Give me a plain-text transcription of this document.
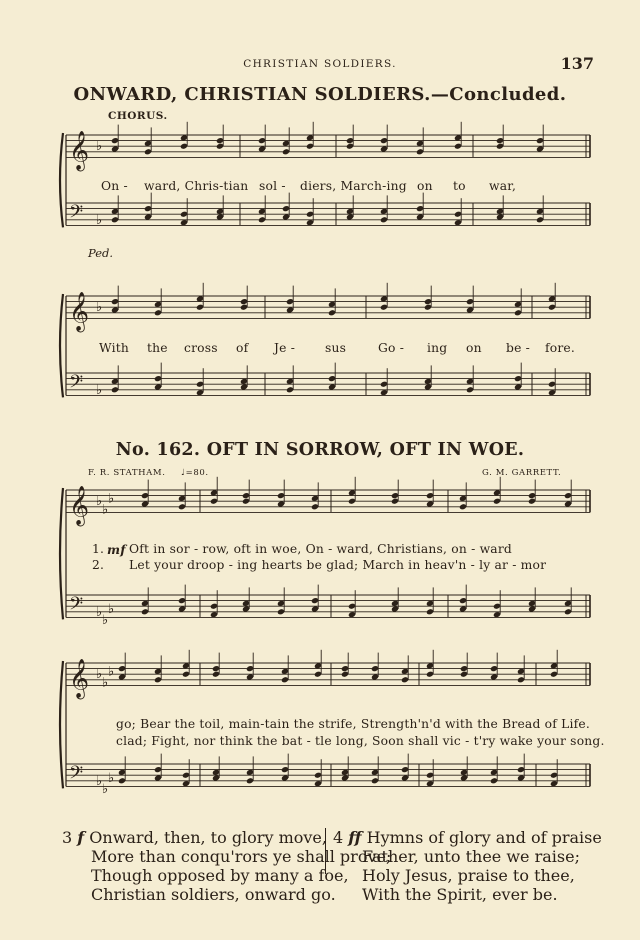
CHRISTIAN SOLDIERS.	137
ONWARD, CHRISTIAN SOLDIERS.—Concluded.
CHORUS.
𝄞
𝄢
♭
♭
𝄞
𝄢
♭
♭
𝄞
𝄢
♭
♭
♭
♭
♭
♭
𝄞
𝄢
♭
♭
♭
♭
♭
♭
On - ward, Chris-tian sol - diers, March-ing on to war,
Ped.
With the cross of Je - sus	Go - ing on be - fore.
No. 162. OFT IN SORROW, OFT IN WOE.
F. R. STATHAM. ♩=80.	G. M. GARRETT.
1. mf Oft in sor - row, oft in woe, On - ward, Christians, on - ward
2. Let your droop - ing hearts be glad; March in heav'n - ly ar - mor
go; Bear the toil, main-tain the strife, Strength'n'd with the Bread of Life.
clad; Fight, nor think the bat - tle long, Soon shall vic - t'ry wake your song.
3 f Onward, then, to glory move,
More than conqu'rors ye shall prove;
Though opposed by many a foe,
Christian soldiers, onward go.
4 ff Hymns of glory and of praise
Father, unto thee we raise;
Holy Jesus, praise to thee,
With the Spirit, ever be.
